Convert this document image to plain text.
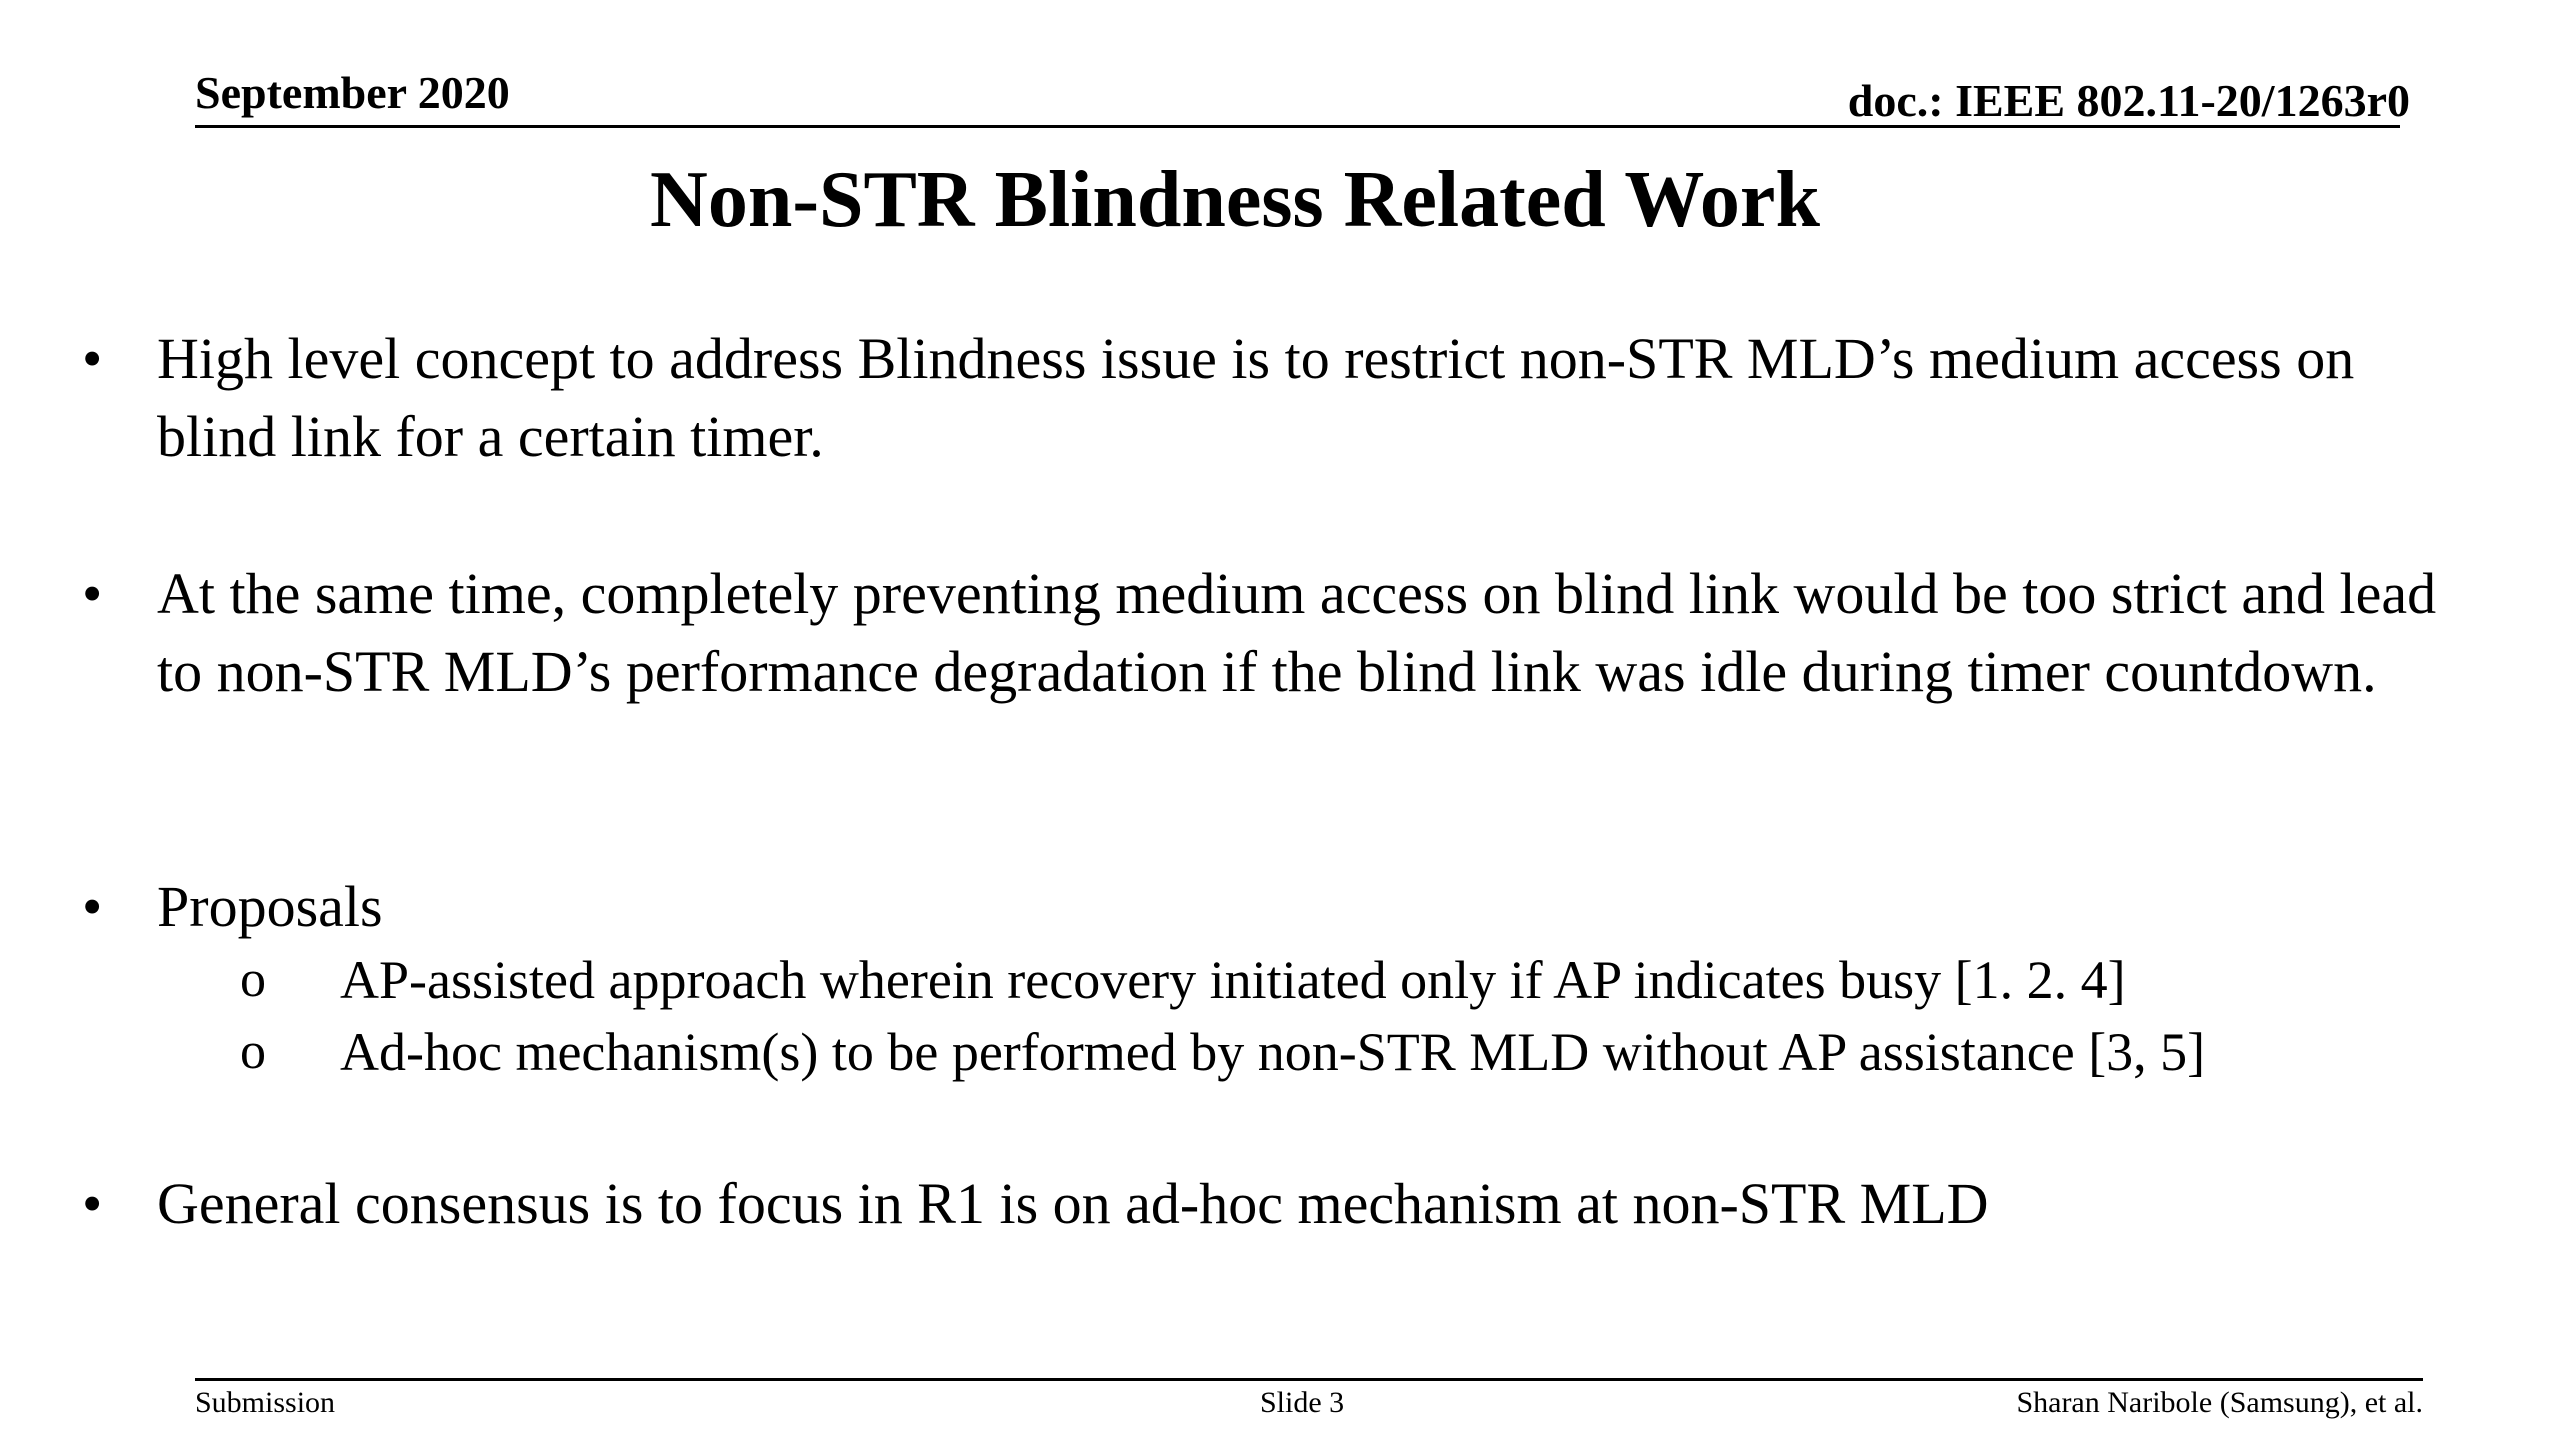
September 2020	doc.: IEEE 802.11-20/1263r0
Non-STR Blindness Related Work
• High level concept to address Blindness issue is to restrict non-STR MLD’s medium access on blind link for a certain timer.
• At the same time, completely preventing medium access on blind link would be too strict and lead to non-STR MLD’s performance degradation if the blind link was idle during timer countdown.
• Proposals
o AP-assisted approach wherein recovery initiated only if AP indicates busy [1. 2. 4]
o Ad-hoc mechanism(s) to be performed by non-STR MLD without AP assistance [3, 5]
• General consensus is to focus in R1 is on ad-hoc mechanism at non-STR MLD
Submission	Slide 3	Sharan Naribole (Samsung), et al.
